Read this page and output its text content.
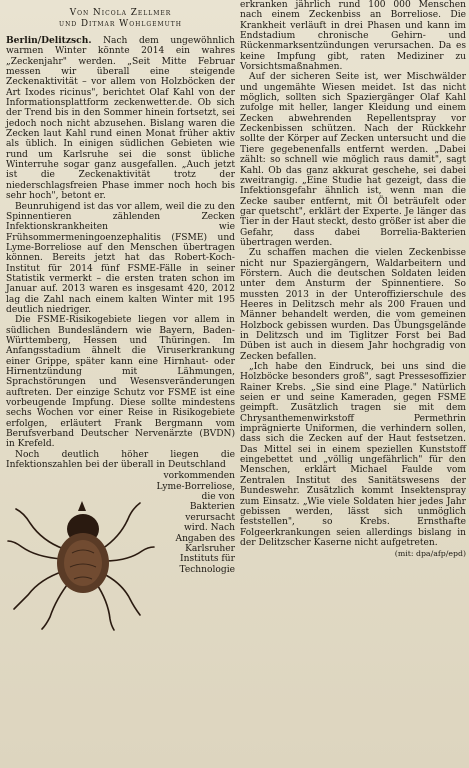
Von Nicola Zellmer
und Ditmar Wohlgemuth

Berlin/Delitzsch. Nach dem ungewöhnlich warmen Winter könnte 2014 ein wahres „Zeckenjahr" werden. „Seit Mitte Februar messen wir überall eine steigende Zeckenaktivität – vor allem von Holzböcken der Art Ixodes ricinus", berichtet Olaf Kahl von der Informationsplattform zeckenwetter.de. Ob sich der Trend bis in den Sommer hinein fortsetzt, sei jedoch noch nicht abzusehen. Bislang waren die Zecken laut Kahl rund einen Monat früher aktiv als üblich. In einigen südlichen Gebieten wie rund um Karlsruhe sei die sonst übliche Winterruhe sogar ganz ausgefallen. „Auch jetzt ist die Zeckenaktivität trotz der niederschlagsfreien Phase immer noch hoch bis sehr hoch", betont er.

Beunruhigend ist das vor allem, weil die zu den Spinnentieren zählenden Zecken Infektionskrankheiten wie Frühsommermeningoenzephalitis (FSME) und Lyme-Borreliose auf den Menschen übertragen können. Bereits jetzt hat das Robert-Koch-Institut für 2014 fünf FSME-Fälle in seiner Statistik vermerkt – die ersten traten schon im Januar auf. 2013 waren es insgesamt 420, 2012 lag die Zahl nach einem kalten Winter mit 195 deutlich niedriger.

Die FSME-Risikogebiete liegen vor allem in südlichen Bundesländern wie Bayern, Baden-Württemberg, Hessen und Thüringen. Im Anfangsstadium ähnelt die Viruserkrankung einer Grippe, später kann eine Hirnhaut- oder Hirnentzündung mit Lähmungen, Sprachstörungen und Wesensveränderungen auftreten. Der einzige Schutz vor FSME ist eine vorbeugende Impfung. Diese sollte mindestens sechs Wochen vor einer Reise in Risikogebiete erfolgen, erläutert Frank Bergmann vom Berufsverband Deutscher Nervenärzte (BVDN) in Krefeld.

Noch deutlich höher liegen die Infektionszahlen bei der überall in Deutschland

vorkommenden
Lyme-Borreliose,
die von
Bakterien
verursacht
wird. Nach
Angaben des
Karlsruher
Instituts für
Technologie

erkranken jährlich rund 100 000 Menschen nach einem Zeckenbiss an Borreliose. Die Krankheit verläuft in drei Phasen und kann im Endstadium chronische Gehirn- und Rückenmarksentzündungen verursachen. Da es keine Impfung gibt, raten Mediziner zu Vorsichtsmaßnahmen.

Auf der sicheren Seite ist, wer Mischwälder und ungemähte Wiesen meidet. Ist das nicht möglich, sollten sich Spaziergänger Olaf Kahl zufolge mit heller, langer Kleidung und einem Zecken abwehrenden Repellentspray vor Zeckenbissen schützen. Nach der Rückkehr sollte der Körper auf Zecken untersucht und die Tiere gegebenenfalls entfernt werden. „Dabei zählt: so schnell wie möglich raus damit", sagt Kahl. Ob das ganz akkurat geschehe, sei dabei zweitrangig. „Eine Studie hat gezeigt, dass die Infektionsgefahr ähnlich ist, wenn man die Zecke sauber entfernt, mit Öl beträufelt oder gar quetscht", erklärt der Experte. Je länger das Tier in der Haut steckt, desto größer ist aber die Gefahr, dass dabei Borrelia-Bakterien übertragen werden.

Zu schaffen machen die vielen Zeckenbisse nicht nur Spaziergängern, Waldarbeitern und Förstern. Auch die deutschen Soldaten leiden unter dem Ansturm der Spinnentiere. So mussten 2013 in der Unteroffizierschule des Heeres in Delitzsch mehr als 200 Frauen und Männer behandelt werden, die vom gemeinen Holzbock gebissen wurden. Das Übungsgelände in Delitzsch und im Tiglitzer Forst bei Bad Düben ist auch in diesem Jahr hochgradig von Zecken befallen.

„Ich habe den Eindruck, bei uns sind die Holzböcke besonders groß", sagt Pressesoffizier Rainer Krebs. „Sie sind eine Plage." Natürlich seien er und seine Kameraden, gegen FSME geimpft. Zusätzlich tragen sie mit dem Chrysanthemenwirkstoff Permethrin imprägnierte Uniformen, die verhindern sollen, dass sich die Zecken auf der Haut festsetzen. Das Mittel sei in einem speziellen Kunststoff eingebettet und „völlig ungefährlich" für den Menschen, erklärt Michael Faulde vom Zentralen Institut des Sanitätswesens der Bundeswehr. Zusätzlich kommt Insektenspray zum Einsatz. „Wie viele Soldaten hier jedes Jahr gebissen werden, lässt sich unmöglich feststellen", so Krebs. Ernsthafte Folgeerkrankungen seien allerdings bislang in der Delitzscher Kaserne nicht aufgetreten.

(mit: dpa/afp/epd)
